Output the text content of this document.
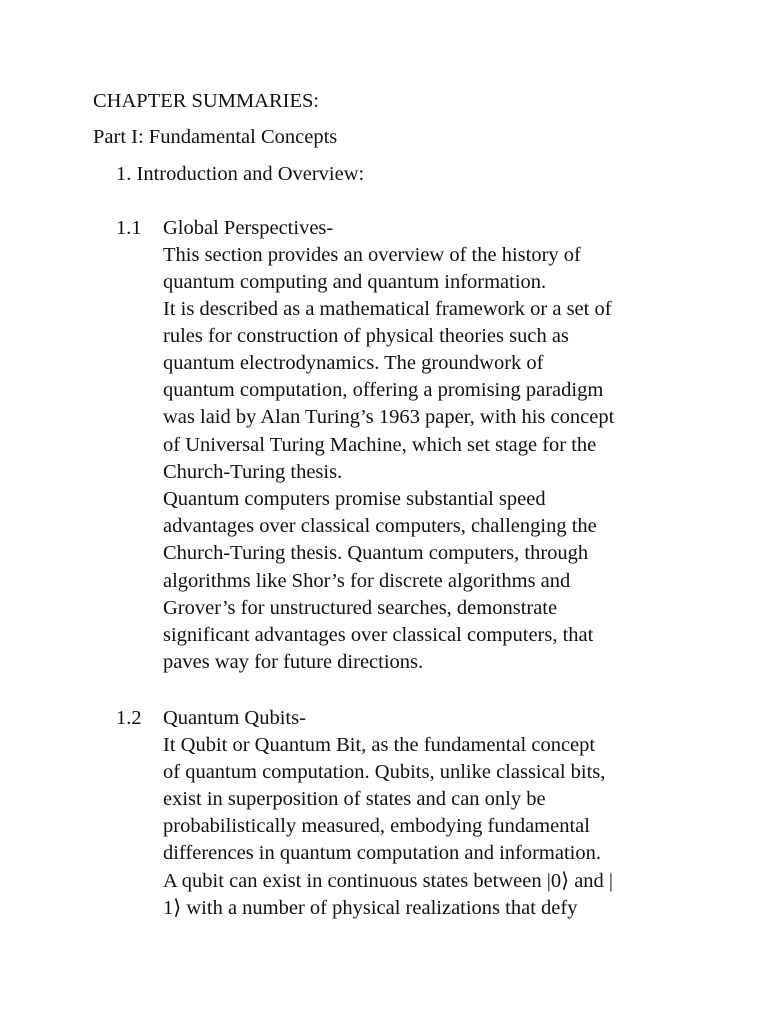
CHAPTER SUMMARIES:

Part I: Fundamental Concepts

1. Introduction and Overview:

1.1 Global Perspectives-

This section provides an overview of the history of

quantum computing and quantum information.

It is described as a mathematical framework or a set of

rules for construction of physical theories such as

quantum electrodynamics. The groundwork of

quantum computation, offering a promising paradigm

was laid by Alan Turing’s 1963 paper, with his concept

of Universal Turing Machine, which set stage for the

Church-Turing thesis.

Quantum computers promise substantial speed

advantages over classical computers, challenging the

Church-Turing thesis. Quantum computers, through

algorithms like Shor’s for discrete algorithms and

Grover’s for unstructured searches, demonstrate

significant advantages over classical computers, that

paves way for future directions.

1.2 Quantum Qubits-

It Qubit or Quantum Bit, as the fundamental concept

of quantum computation. Qubits, unlike classical bits,

exist in superposition of states and can only be

probabilistically measured, embodying fundamental

differences in quantum computation and information.

A qubit can exist in continuous states between |0⟩ and |

1⟩ with a number of physical realizations that defy
